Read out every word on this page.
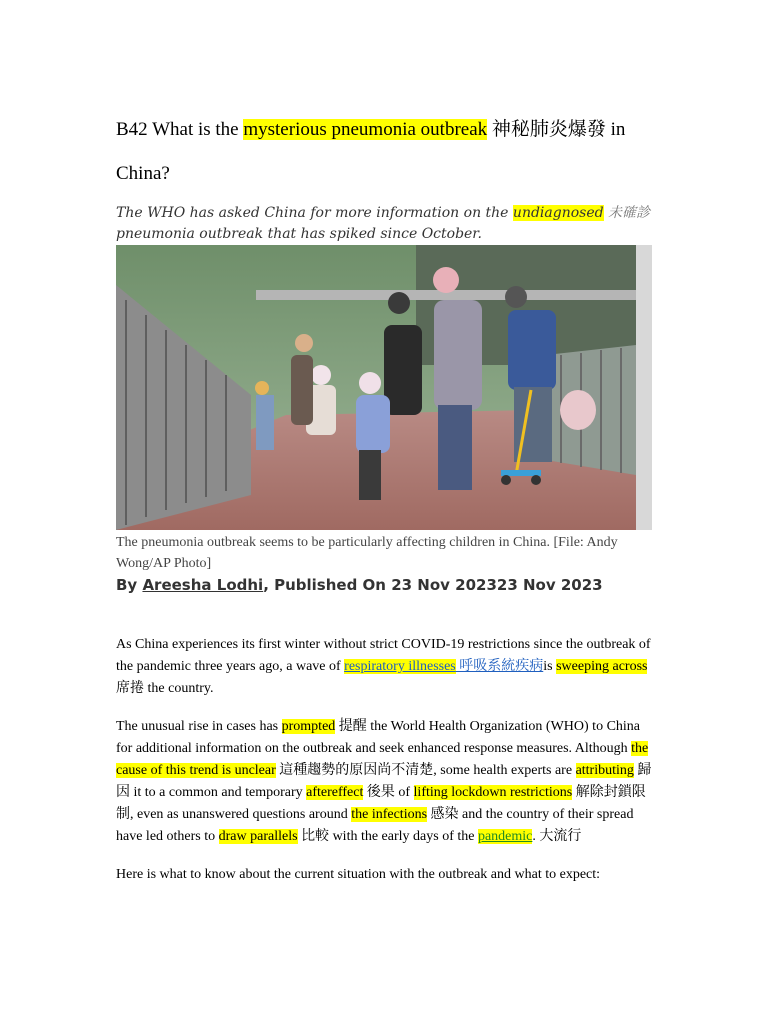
B42 What is the mysterious pneumonia outbreak 神秘肺炎爆發 in China?
The WHO has asked China for more information on the undiagnosed 未確診 pneumonia outbreak that has spiked since October.
The pneumonia outbreak seems to be particularly affecting children in China. [File: Andy Wong/AP Photo]
By Areesha Lodhi, Published On 23 Nov 202323 Nov 2023

As China experiences its first winter without strict COVID-19 restrictions since the outbreak of the pandemic three years ago, a wave of respiratory illnesses 呼吸系統疾病is sweeping across 席捲 the country.

The unusual rise in cases has prompted 提醒 the World Health Organization (WHO) to China for additional information on the outbreak and seek enhanced response measures. Although the cause of this trend is unclear 這種趨勢的原因尚不清楚, some health experts are attributing 歸因 it to a common and temporary aftereffect 後果 of lifting lockdown restrictions 解除封鎖限制, even as unanswered questions around the infections 感染 and the country of their spread have led others to draw parallels 比較 with the early days of the pandemic. 大流行

Here is what to know about the current situation with the outbreak and what to expect:
